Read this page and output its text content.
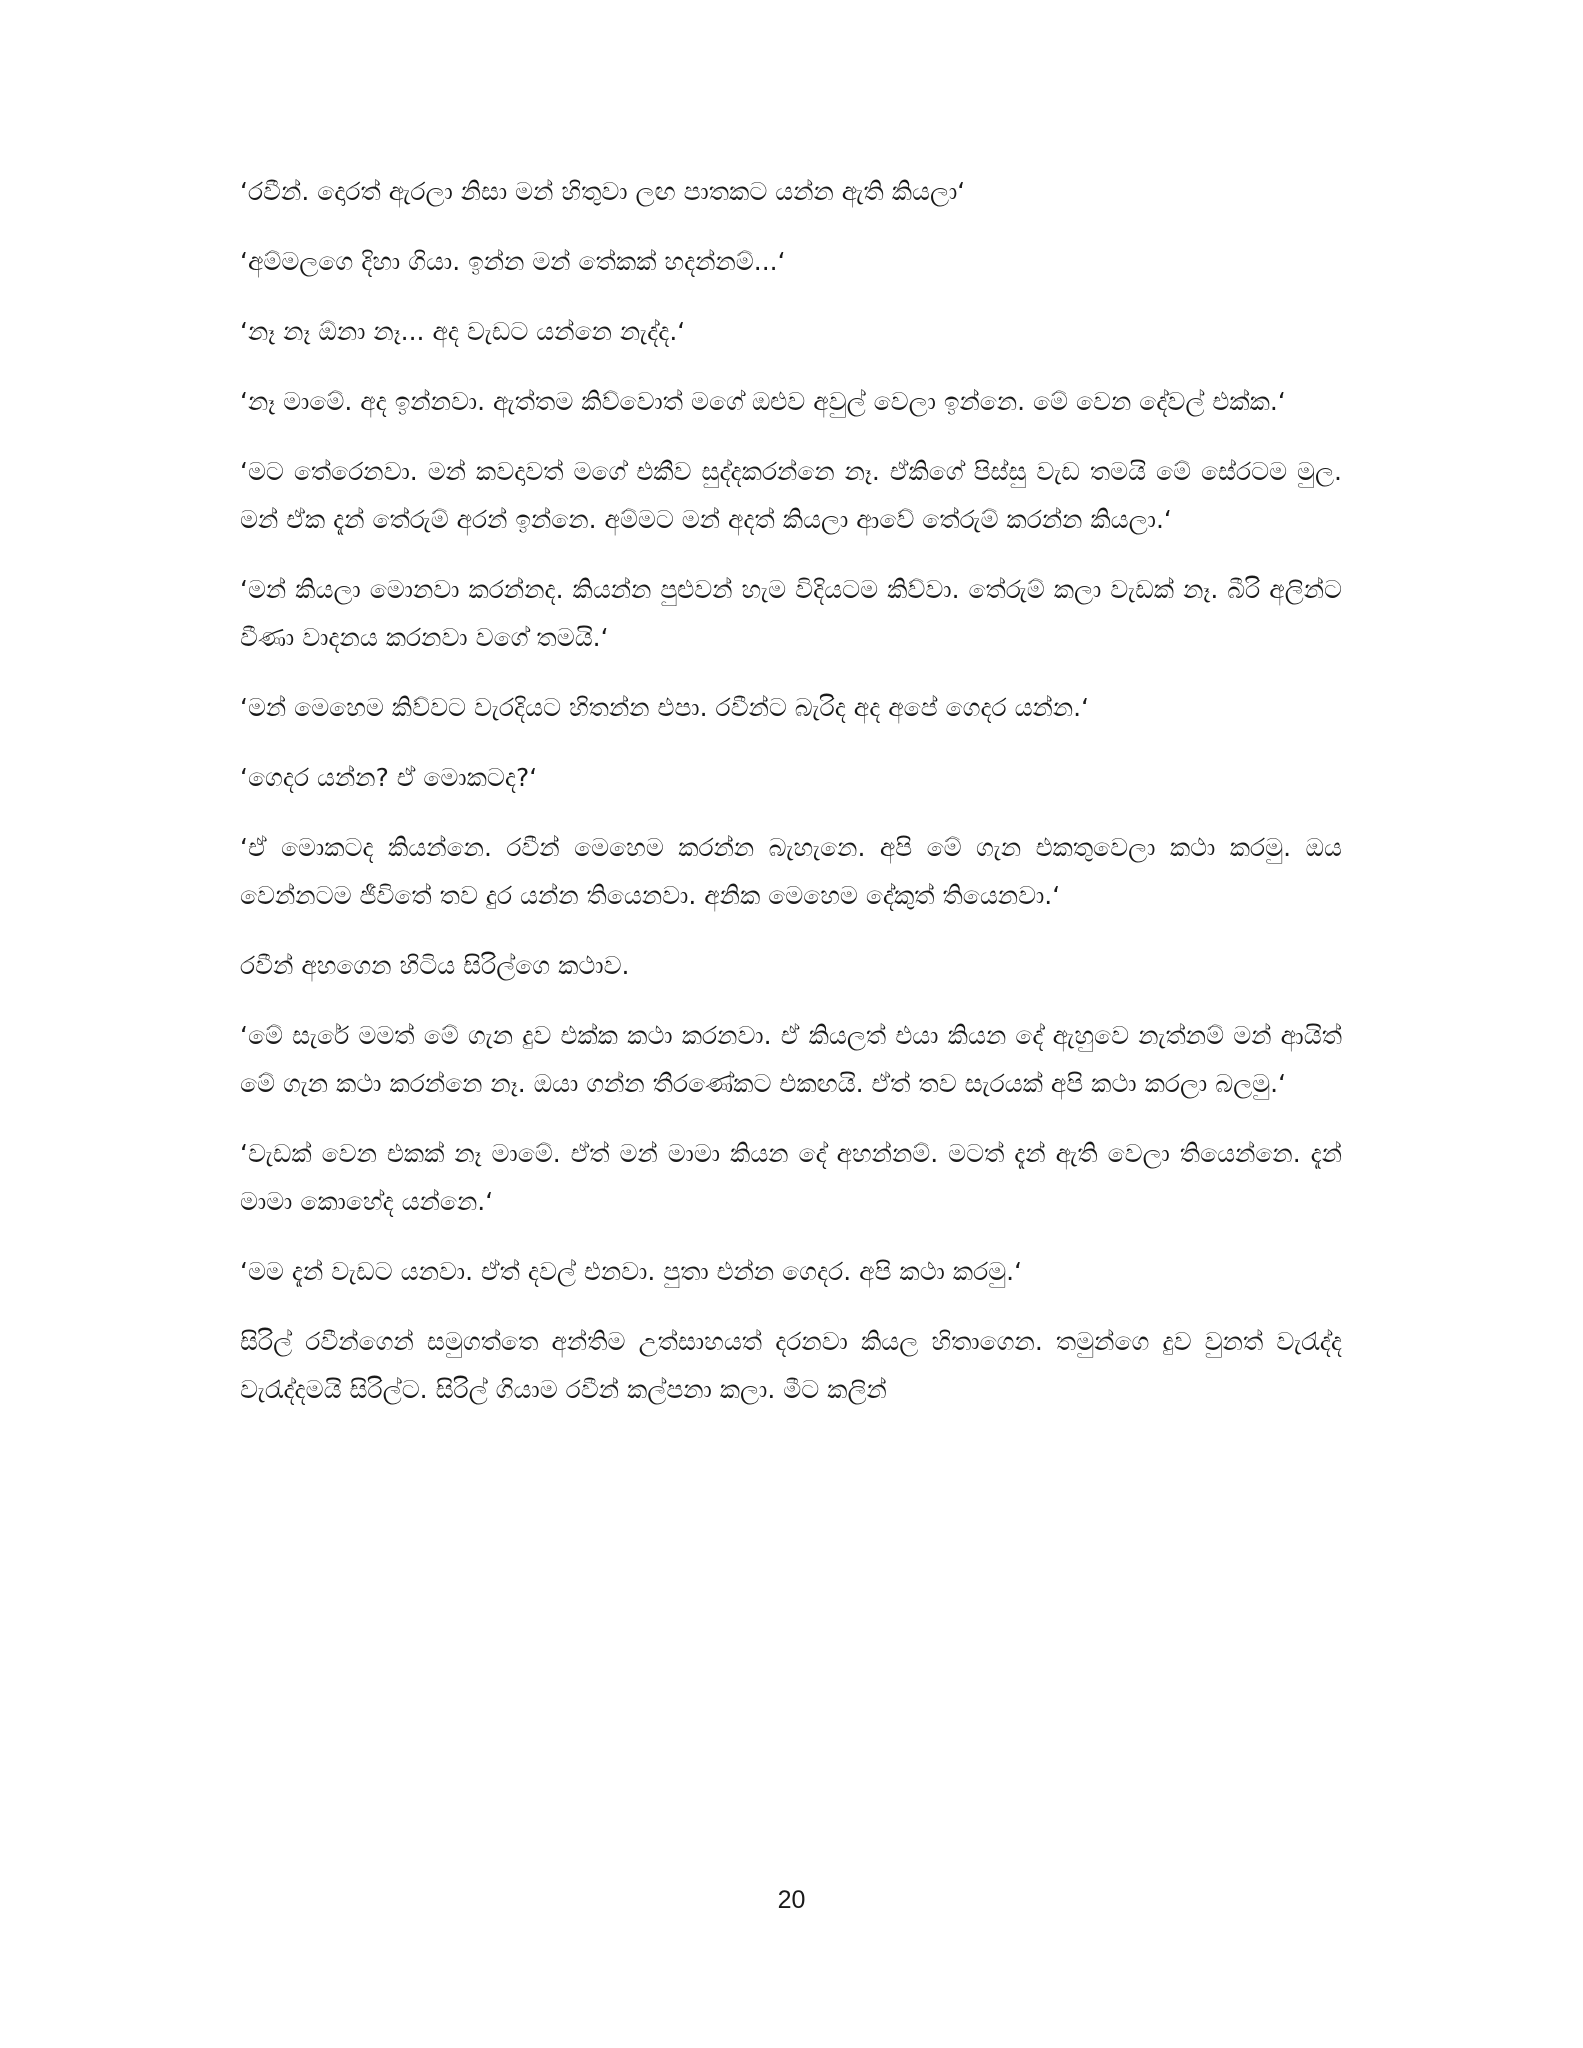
‘රවීන්. දොරත් ඇරලා නිසා මන් හිතුවා ලඟ පාතකට යන්න ඇති කියලා‘

‘අම්මලගෙ දිහා ගියා. ඉන්න මන් තේකක් හදන්නම්...‘

‘නෑ නෑ ඕනා නෑ... අද වැඩට යන්නෙ නැද්ද.‘

‘නෑ මාමේ. අද ඉන්නවා. ඇත්තම කිව්වොත් මගේ ඔළුව අවුල් වෙලා ඉන්නෙ. මේ වෙන දේවල් එක්ක.‘

‘මට තේරෙනවා. මන් කවදාවත් මගේ එකීව සුද්දකරන්නෙ නෑ. ඒකිගේ පිස්සු වැඩ තමයි මේ සේරටම මුල. මන් ඒක දැන් තේරුම් අරන් ඉන්නෙ. අම්මට මන් අදත් කියලා ආවේ තේරුම් කරන්න කියලා.‘

‘මන් කියලා මොනවා කරන්නද. කියන්න පුළුවන් හැම විදියටම කිව්වා. තේරුම් කලා වැඩක් නෑ. බීරි අලින්ට වීණා වාදනය කරනවා වගේ තමයි.‘

‘මන් මෙහෙම කිව්වට වැරදියට හිතන්න එපා. රවීන්ට බැරිද අද අපේ ගෙදර යන්න.‘

‘ගෙදර යන්න? ඒ මොකටද?‘

‘ඒ මොකටද කියන්නෙ. රවීන් මෙහෙම කරන්න බැහැනෙ. අපි මේ ගැන එකතුවෙලා කථා කරමු. ඔය වෙන්නටම ජීවිතේ තව දුර යන්න තියෙනවා. අනික මෙහෙම දේකුත් තියෙනවා.‘

රවීන් අහගෙන හිටිය සිරිල්ගෙ කථාව.

‘මේ සැරේ මමත් මේ ගැන දුව එක්ක කථා කරනවා. ඒ කියලත් එයා කියන දේ ඇහුවෙ නැත්නම් මන් ආයිත් මේ ගැන කථා කරන්නෙ නෑ. ඔයා ගන්න තීරණේකට එකඟයි. ඒත් තව සැරයක් අපි කථා කරලා බලමු.‘

‘වැඩක් වෙන එකක් නෑ මාමේ. ඒත් මන් මාමා කියන දේ අහන්නම්. මටත් දැන් ඇති වෙලා තියෙන්නෙ. දැන් මාමා කොහේද යන්නෙ.‘

‘මම දැන් වැඩට යනවා. ඒත් දවල් එනවා. පුතා එන්න ගෙදර. අපි කථා කරමු.‘

සිරිල් රවීන්ගෙන් සමුගත්තෙ අන්තිම උත්සාහයත් දරනවා කියල හිතාගෙන. තමුන්ගෙ දුව වුනත් වැරැද්ද වැරැද්දමයි සිරිල්ට. සිරිල් ගියාම රවීන් කල්පනා කලා. මීට කලින්

20
